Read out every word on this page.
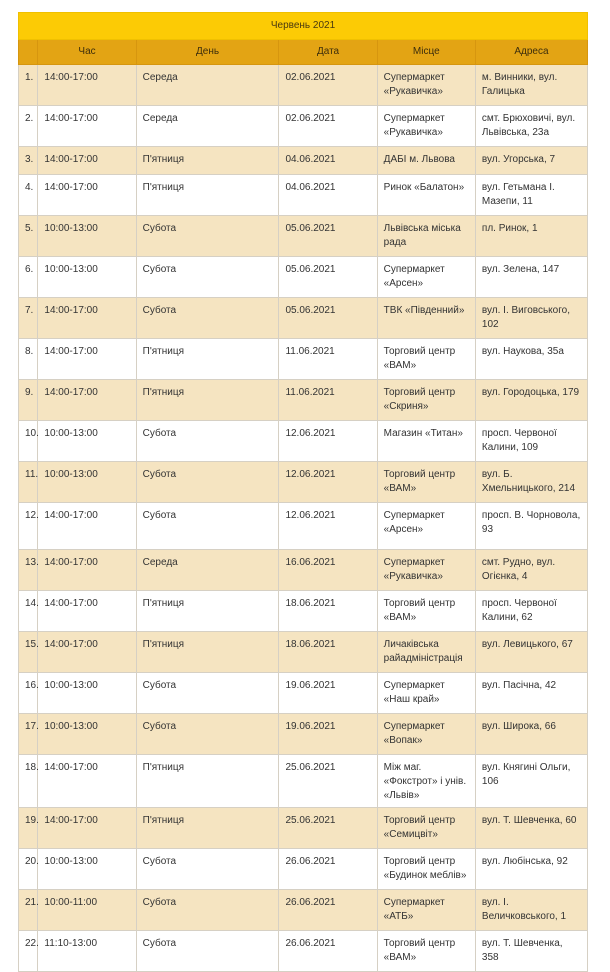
Червень 2021					
	Час	День	Дата	Місце	Адреса
1.	14:00-17:00	Середа	02.06.2021	Супермаркет «Рукавичка»	м. Винники, вул. Галицька
2.	14:00-17:00	Середа	02.06.2021	Супермаркет «Рукавичка»	смт. Брюховичі, вул. Львівська, 23а
3.	14:00-17:00	П'ятниця	04.06.2021	ДАБІ м. Львова	вул. Угорська, 7
4.	14:00-17:00	П'ятниця	04.06.2021	Ринок «Балатон»	вул. Гетьмана І. Мазепи, 11
5.	10:00-13:00	Субота	05.06.2021	Львівська міська рада	пл. Ринок, 1
6.	10:00-13:00	Субота	05.06.2021	Супермаркет «Арсен»	вул. Зелена, 147
7.	14:00-17:00	Субота	05.06.2021	ТВК «Південний»	вул. І. Виговського, 102
8.	14:00-17:00	П'ятниця	11.06.2021	Торговий центр «ВАМ»	вул. Наукова, 35а
9.	14:00-17:00	П'ятниця	11.06.2021	Торговий центр «Скриня»	вул. Городоцька, 179
10.	10:00-13:00	Субота	12.06.2021	Магазин «Титан»	просп. Червоної Калини, 109
11.	10:00-13:00	Субота	12.06.2021	Торговий центр «ВАМ»	вул. Б. Хмельницького, 214
12.	14:00-17:00	Субота	12.06.2021	Супермаркет «Арсен»	просп. В. Чорновола, 93
13.	14:00-17:00	Середа	16.06.2021	Супермаркет «Рукавичка»	смт. Рудно, вул. Огієнка, 4
14.	14:00-17:00	П'ятниця	18.06.2021	Торговий центр «ВАМ»	просп. Червоної Калини, 62
15.	14:00-17:00	П'ятниця	18.06.2021	Личаківська райадміністрація	вул. Левицького, 67
16.	10:00-13:00	Субота	19.06.2021	Супермаркет «Наш край»	вул. Пасічна, 42
17.	10:00-13:00	Субота	19.06.2021	Супермаркет «Вопак»	вул. Широка, 66
18.	14:00-17:00	П'ятниця	25.06.2021	Між маг. «Фокстрот» і унів. «Львів»	вул. Княгині Ольги, 106
19.	14:00-17:00	П'ятниця	25.06.2021	Торговий центр «Семицвіт»	вул. Т. Шевченка, 60
20.	10:00-13:00	Субота	26.06.2021	Торговий центр «Будинок меблів»	вул. Любінська, 92
21.	10:00-11:00	Субота	26.06.2021	Супермаркет «АТБ»	вул. І. Величковського, 1
22.	11:10-13:00	Субота	26.06.2021	Торговий центр «ВАМ»	вул. Т. Шевченка, 358
